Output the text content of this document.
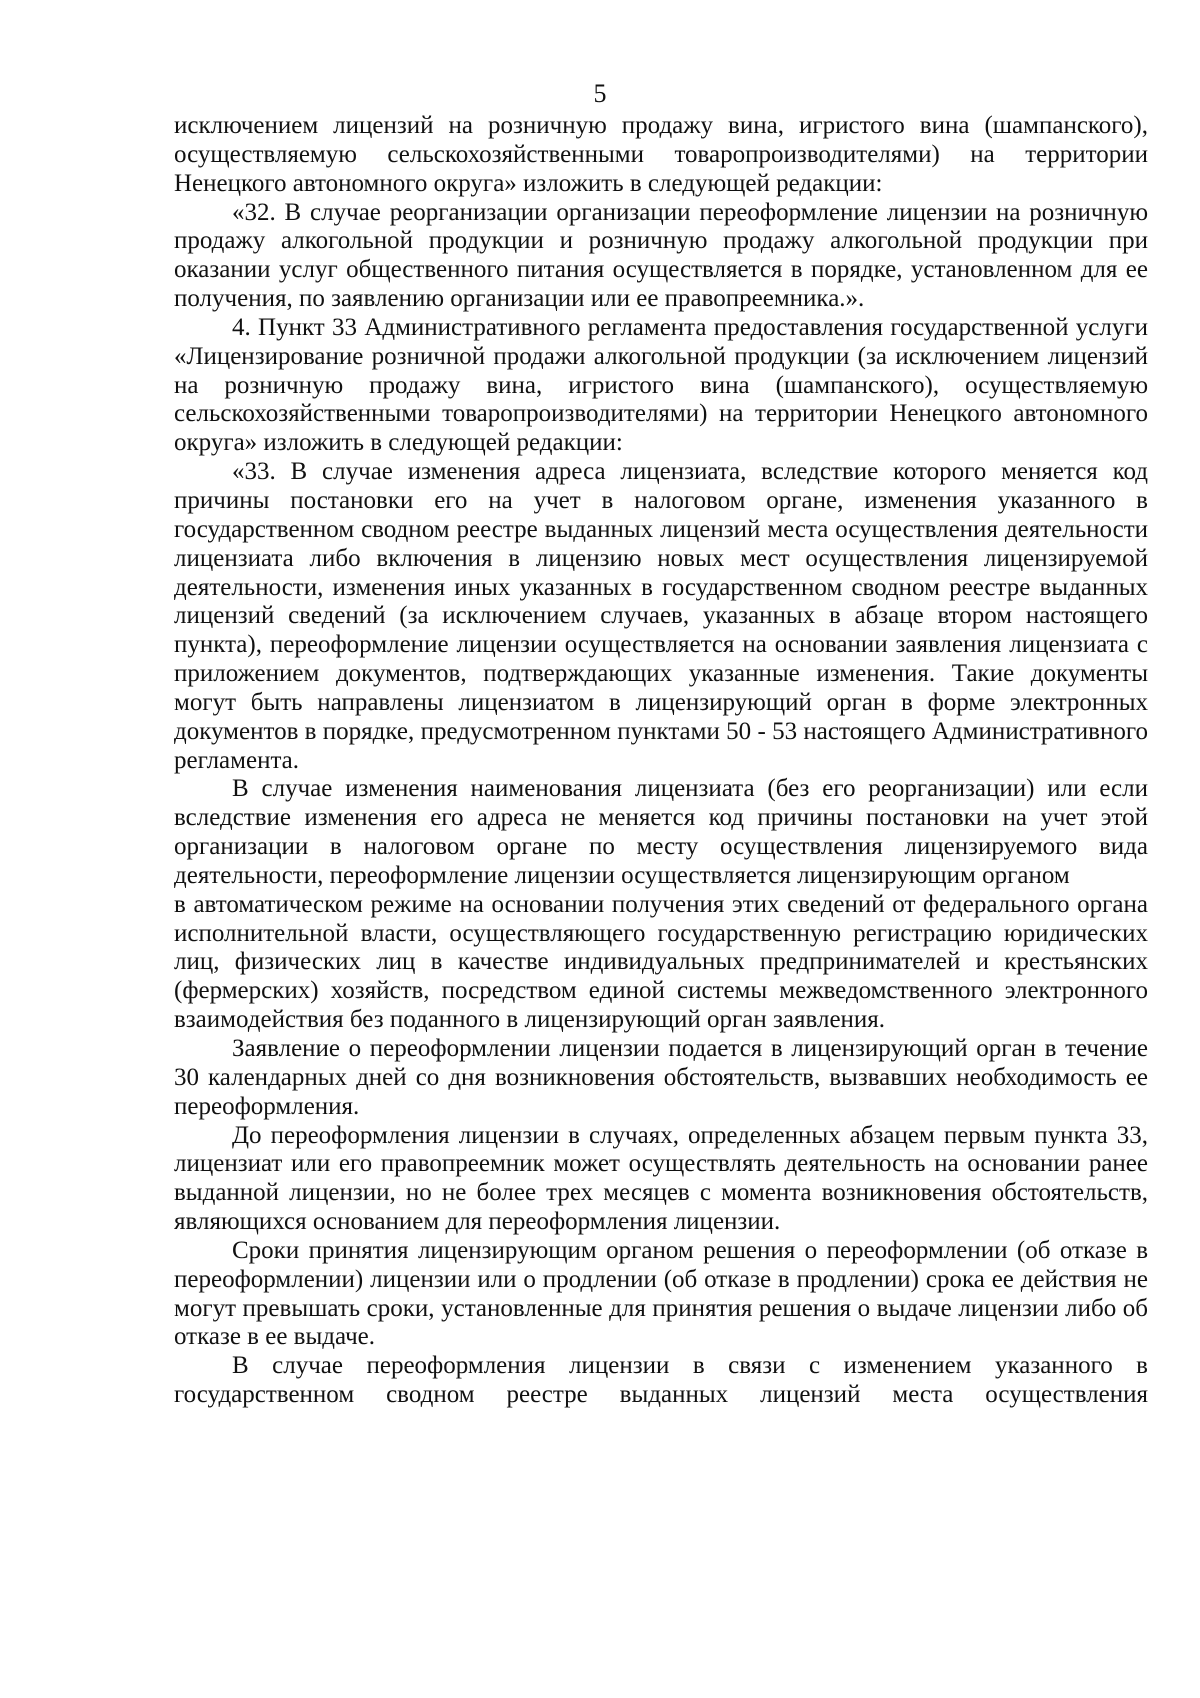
5

исключением лицензий на розничную продажу вина, игристого вина (шампанского), осуществляемую сельскохозяйственными товаропроизводителями) на территории Ненецкого автономного округа» изложить в следующей редакции:

«32. В случае реорганизации организации переоформление лицензии на розничную продажу алкогольной продукции и розничную продажу алкогольной продукции при оказании услуг общественного питания осуществляется в порядке, установленном для ее получения, по заявлению организации или ее правопреемника.».

4. Пункт 33 Административного регламента предоставления государственной услуги «Лицензирование розничной продажи алкогольной продукции (за исключением лицензий на розничную продажу вина, игристого вина (шампанского), осуществляемую сельскохозяйственными товаропроизводителями) на территории Ненецкого автономного округа» изложить в следующей редакции:

«33. В случае изменения адреса лицензиата, вследствие которого меняется код причины постановки его на учет в налоговом органе, изменения указанного в государственном сводном реестре выданных лицензий места осуществления деятельности лицензиата либо включения в лицензию новых мест осуществления лицензируемой деятельности, изменения иных указанных в государственном сводном реестре выданных лицензий сведений (за исключением случаев, указанных в абзаце втором настоящего пункта), переоформление лицензии осуществляется на основании заявления лицензиата с приложением документов, подтверждающих указанные изменения. Такие документы могут быть направлены лицензиатом в лицензирующий орган в форме электронных документов в порядке, предусмотренном пунктами 50 - 53 настоящего Административного регламента.

В случае изменения наименования лицензиата (без его реорганизации) или если вследствие изменения его адреса не меняется код причины постановки на учет этой организации в налоговом органе по месту осуществления лицензируемого вида деятельности, переоформление лицензии осуществляется лицензирующим органом

в автоматическом режиме на основании получения этих сведений от федерального органа исполнительной власти, осуществляющего государственную регистрацию юридических лиц, физических лиц в качестве индивидуальных предпринимателей и крестьянских (фермерских) хозяйств, посредством единой системы межведомственного электронного взаимодействия без поданного в лицензирующий орган заявления.

Заявление о переоформлении лицензии подается в лицензирующий орган в течение 30 календарных дней со дня возникновения обстоятельств, вызвавших необходимость ее переоформления.

До переоформления лицензии в случаях, определенных абзацем первым пункта 33, лицензиат или его правопреемник может осуществлять деятельность на основании ранее выданной лицензии, но не более трех месяцев с момента возникновения обстоятельств, являющихся основанием для переоформления лицензии.

Сроки принятия лицензирующим органом решения о переоформлении (об отказе в переоформлении) лицензии или о продлении (об отказе в продлении) срока ее действия не могут превышать сроки, установленные для принятия решения о выдаче лицензии либо об отказе в ее выдаче.

В случае переоформления лицензии в связи с изменением указанного в государственном сводном реестре выданных лицензий места осуществления
